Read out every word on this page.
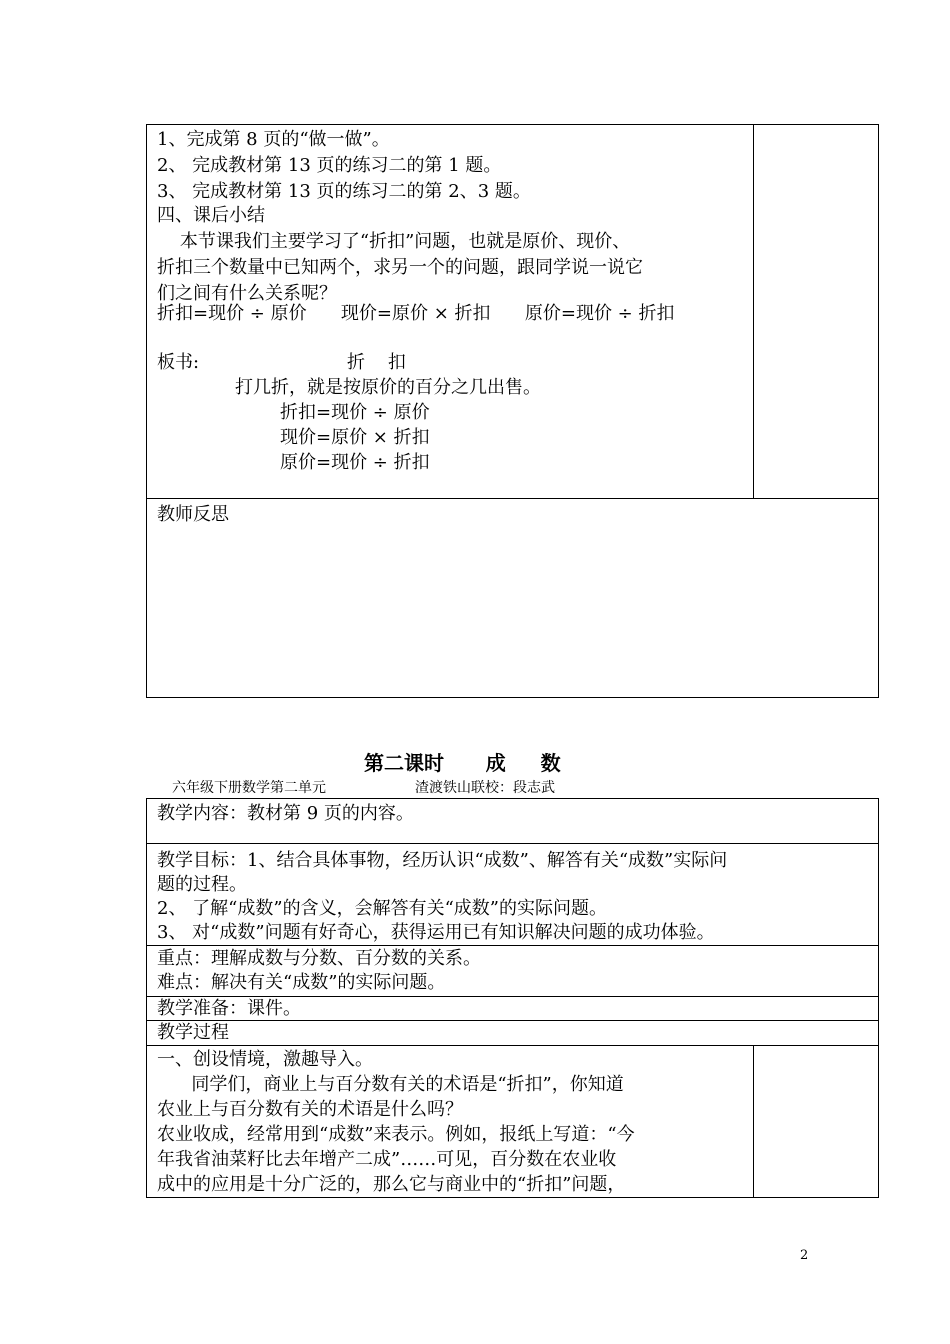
1、完成第 8 页的“做一做”。
2、 完成教材第 13 页的练习二的第 1 题。
3、 完成教材第 13 页的练习二的第 2、3 题。
四、课后小结
本节课我们主要学习了“折扣”问题，也就是原价、现价、
折扣三个数量中已知两个，求另一个的问题，跟同学说一说它
们之间有什么关系呢？
折扣=现价 ÷ 原价      现价=原价 × 折扣      原价=现价 ÷ 折扣
板书:	折    扣
打几折，就是按原价的百分之几出售。
折扣=现价 ÷ 原价
现价=原价 × 折扣
原价=现价 ÷ 折扣
教师反思
第二课时      成     数
六年级下册数学第二单元                    渣渡铁山联校：段志武
教学内容：教材第 9 页的内容。
教学目标：1、结合具体事物，经历认识“成数”、解答有关“成数”实际问
题的过程。
2、 了解“成数”的含义，会解答有关“成数”的实际问题。
3、 对“成数”问题有好奇心，获得运用已有知识解决问题的成功体验。
重点：理解成数与分数、百分数的关系。
难点：解决有关“成数”的实际问题。
教学准备：课件。
教学过程
一、创设情境，激趣导入。
同学们，商业上与百分数有关的术语是“折扣”，你知道
农业上与百分数有关的术语是什么吗？
农业收成，经常用到“成数”来表示。例如，报纸上写道：“今
年我省油菜籽比去年增产二成”……可见，百分数在农业收
成中的应用是十分广泛的，那么它与商业中的“折扣”问题，
2
